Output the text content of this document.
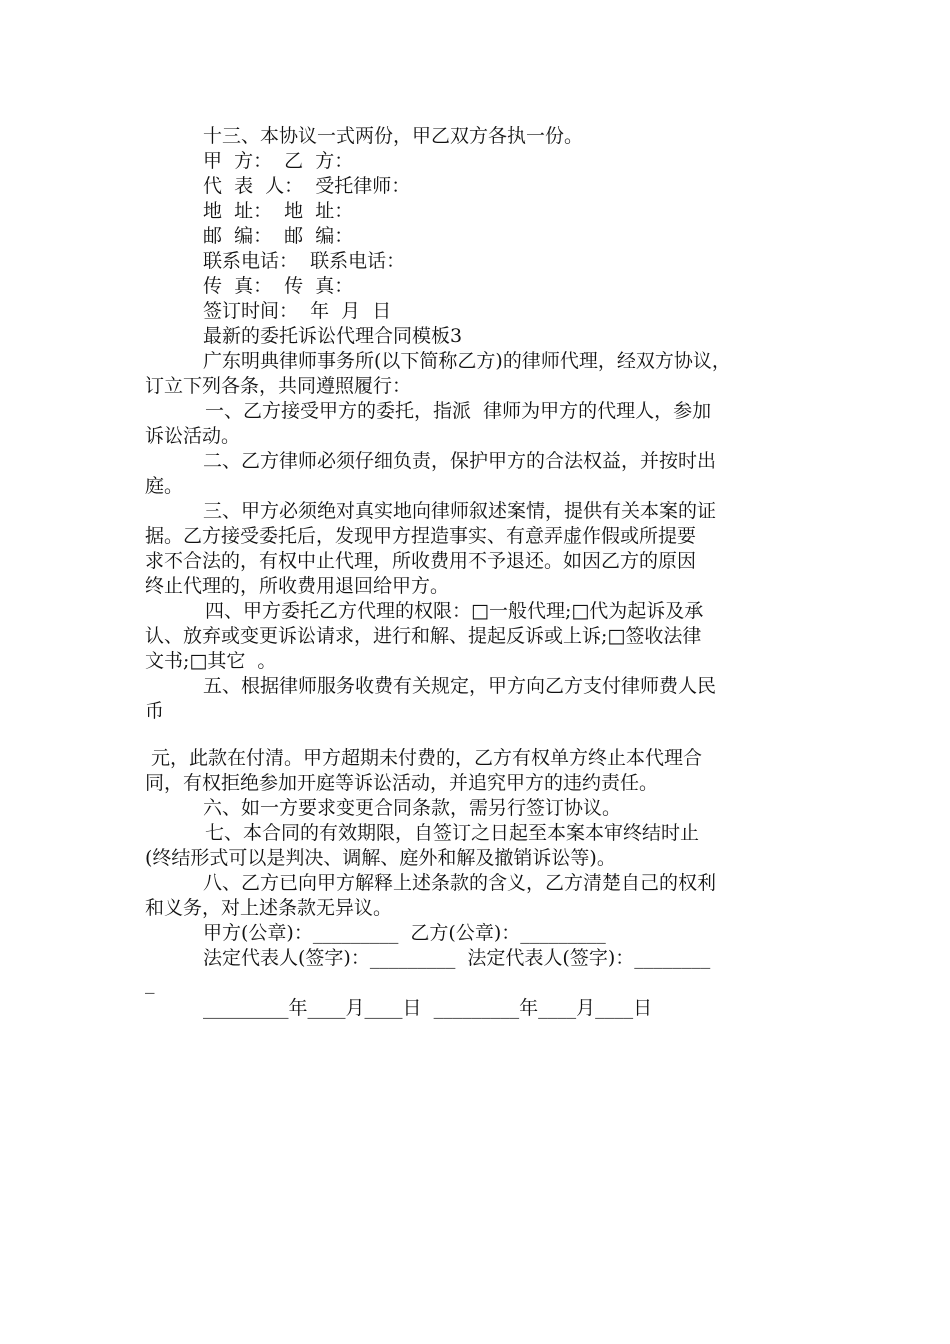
十三、本协议一式两份，甲乙双方各执一份。
甲  方：  乙  方：
代  表  人：  受托律师：
地  址：  地  址：
邮  编：  邮  编：
联系电话：  联系电话：
传  真：  传  真：
签订时间：  年  月  日
最新的委托诉讼代理合同模板3
广东明典律师事务所(以下简称乙方)的律师代理，经双方协议，
订立下列各条，共同遵照履行：
一、乙方接受甲方的委托，指派  律师为甲方的代理人，参加
诉讼活动。
二、乙方律师必须仔细负责，保护甲方的合法权益，并按时出
庭。
三、甲方必须绝对真实地向律师叙述案情，提供有关本案的证
据。乙方接受委托后，发现甲方捏造事实、有意弄虚作假或所提要
求不合法的，有权中止代理，所收费用不予退还。如因乙方的原因
终止代理的，所收费用退回给甲方。
四、甲方委托乙方代理的权限：□一般代理;□代为起诉及承
认、放弃或变更诉讼请求，进行和解、提起反诉或上诉;□签收法律
文书;□其它  。
五、根据律师服务收费有关规定，甲方向乙方支付律师费人民
币
元，此款在付清。甲方超期未付费的，乙方有权单方终止本代理合
同，有权拒绝参加开庭等诉讼活动，并追究甲方的违约责任。
六、如一方要求变更合同条款，需另行签订协议。
七、本合同的有效期限，自签订之日起至本案本审终结时止
(终结形式可以是判决、调解、庭外和解及撤销诉讼等)。
八、乙方已向甲方解释上述条款的含义，乙方清楚自己的权利
和义务，对上述条款无异议。
甲方(公章)：_________  乙方(公章)：_________
法定代表人(签字)：_________  法定代表人(签字)：________
_
_________年____月____日  _________年____月____日
